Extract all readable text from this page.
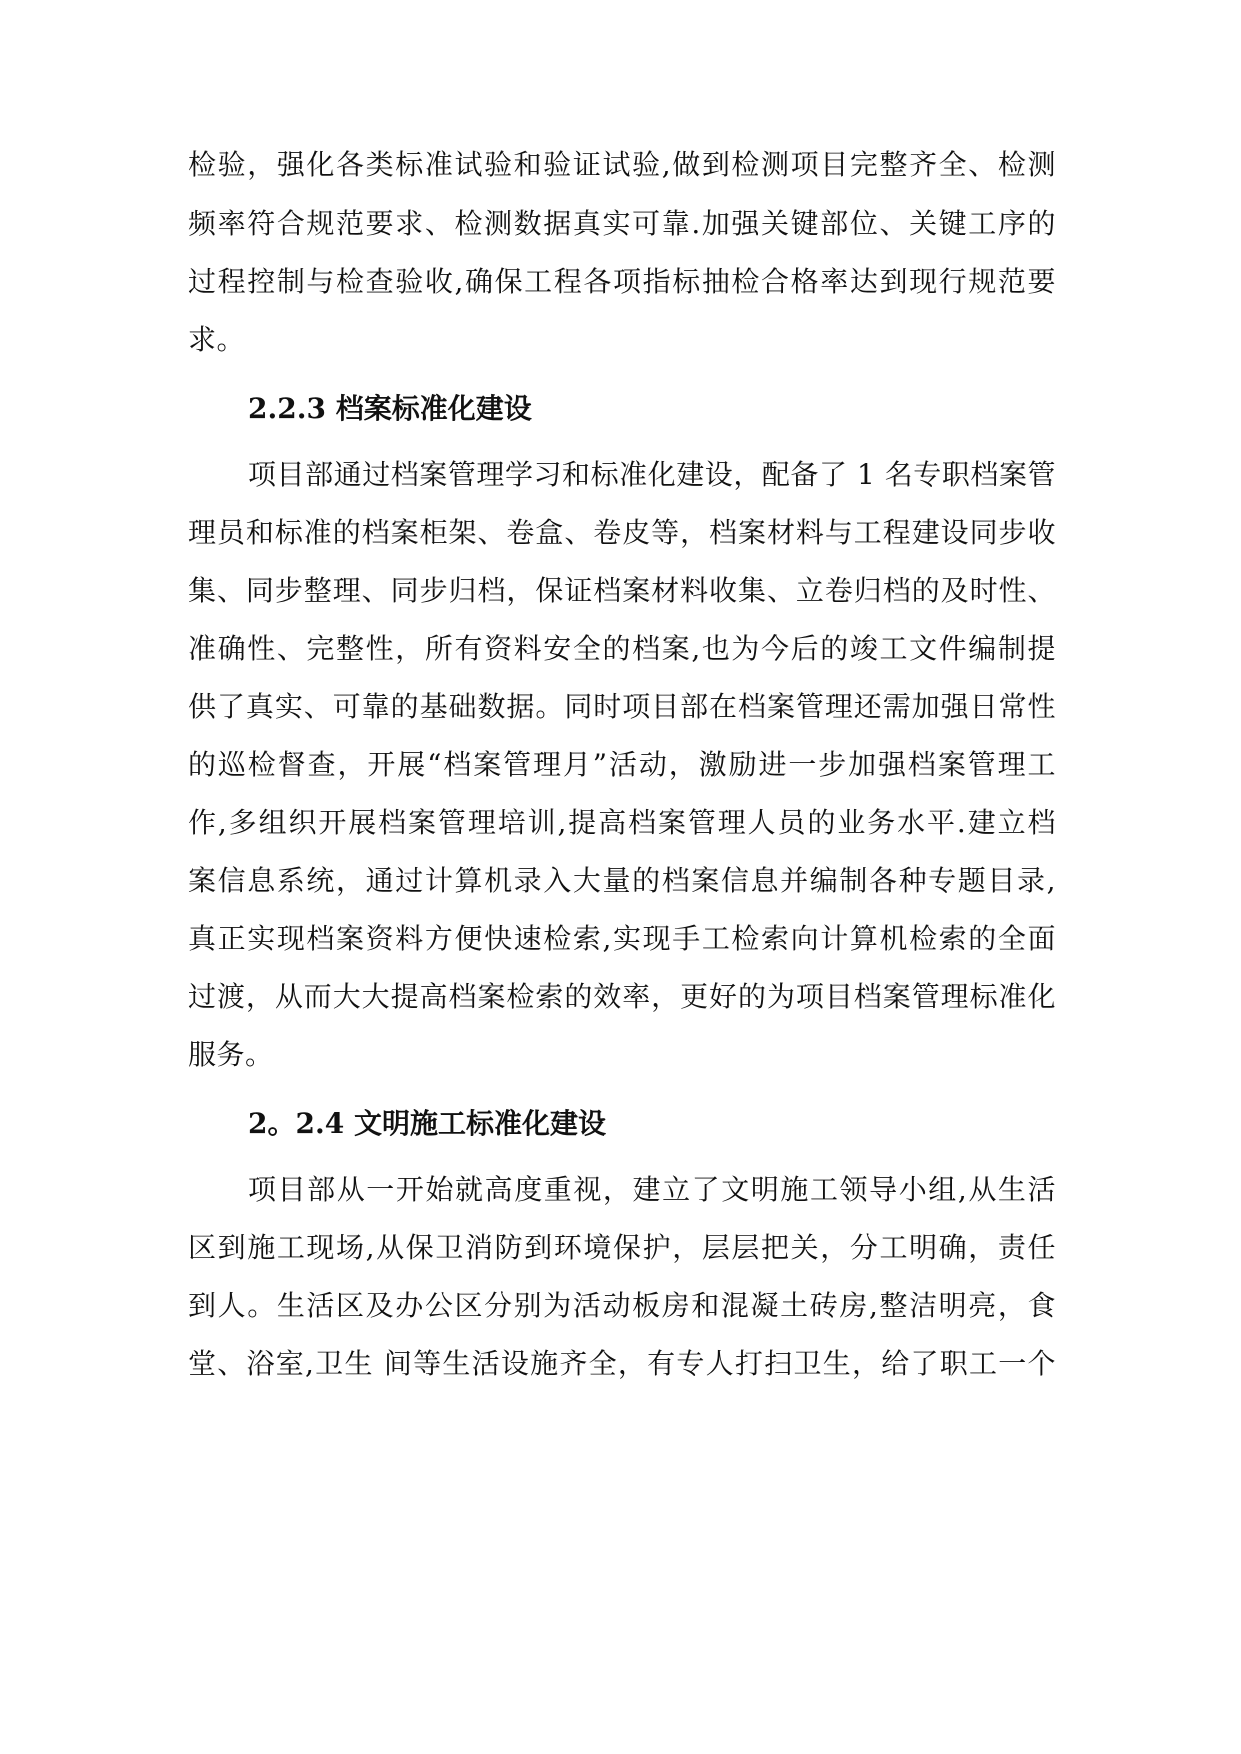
检验，强化各类标准试验和验证试验,做到检测项目完整齐全、检测
频率符合规范要求、检测数据真实可靠.加强关键部位、关键工序的
过程控制与检查验收,确保工程各项指标抽检合格率达到现行规范要
求。
2.2.3 档案标准化建设
项目部通过档案管理学习和标准化建设，配备了 1 名专职档案管
理员和标准的档案柜架、卷盒、卷皮等，档案材料与工程建设同步收
集、同步整理、同步归档，保证档案材料收集、立卷归档的及时性、
准确性、完整性，所有资料安全的档案,也为今后的竣工文件编制提
供了真实、可靠的基础数据。同时项目部在档案管理还需加强日常性
的巡检督查，开展“档案管理月”活动，激励进一步加强档案管理工
作,多组织开展档案管理培训,提高档案管理人员的业务水平.建立档
案信息系统，通过计算机录入大量的档案信息并编制各种专题目录,
真正实现档案资料方便快速检索,实现手工检索向计算机检索的全面
过渡，从而大大提高档案检索的效率，更好的为项目档案管理标准化
服务。
2。2.4 文明施工标准化建设
项目部从一开始就高度重视，建立了文明施工领导小组,从生活
区到施工现场,从保卫消防到环境保护，层层把关，分工明确，责任
到人。生活区及办公区分别为活动板房和混凝土砖房,整洁明亮，食
堂、浴室,卫生 间等生活设施齐全，有专人打扫卫生，给了职工一个
